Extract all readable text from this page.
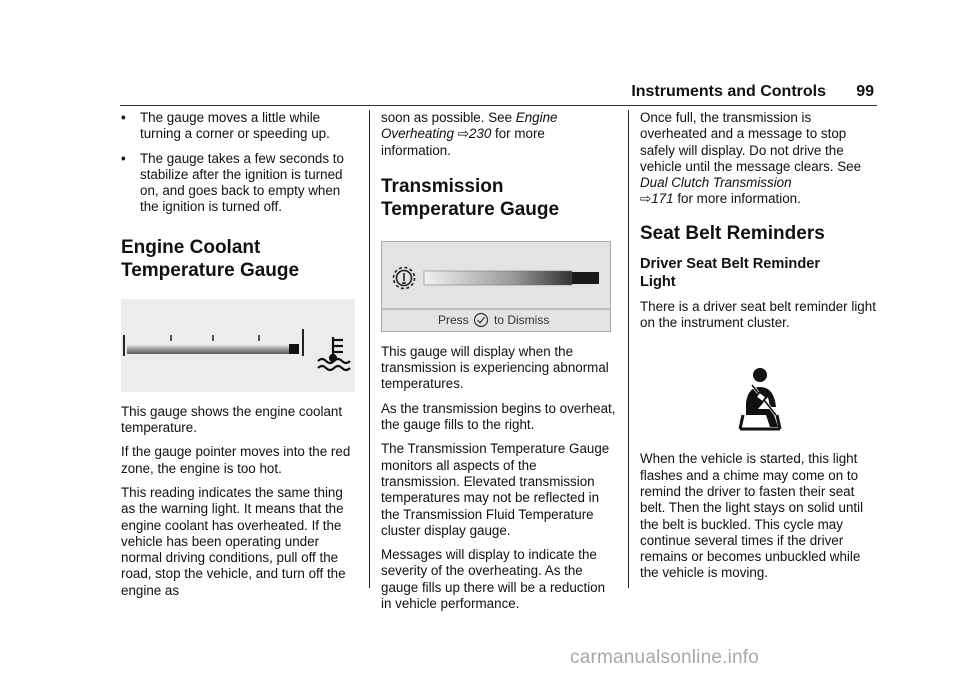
Instruments and Controls 99
• The gauge moves a little while turning a corner or speeding up.
• The gauge takes a few seconds to stabilize after the ignition is turned on, and goes back to empty when the ignition is turned off.
Engine Coolant Temperature Gauge

This gauge shows the engine coolant temperature.

If the gauge pointer moves into the red zone, the engine is too hot.

This reading indicates the same thing as the warning light. It means that the engine coolant has overheated. If the vehicle has been operating under normal driving conditions, pull off the road, stop the vehicle, and turn off the engine as

soon as possible. See Engine Overheating ⇨230 for more information.

Transmission Temperature Gauge
Press to Dismiss

This gauge will display when the transmission is experiencing abnormal temperatures.

As the transmission begins to overheat, the gauge fills to the right.

The Transmission Temperature Gauge monitors all aspects of the transmission. Elevated transmission temperatures may not be reflected in the Transmission Fluid Temperature cluster display gauge.

Messages will display to indicate the severity of the overheating. As the gauge fills up there will be a reduction in vehicle performance.

Once full, the transmission is overheated and a message to stop safely will display. Do not drive the vehicle until the message clears. See Dual Clutch Transmission
⇨171 for more information.

Seat Belt Reminders
Driver Seat Belt Reminder Light

There is a driver seat belt reminder light on the instrument cluster.

When the vehicle is started, this light flashes and a chime may come on to remind the driver to fasten their seat belt. Then the light stays on solid until the belt is buckled. This cycle may continue several times if the driver remains or becomes unbuckled while the vehicle is moving.

carmanualsonline.info
